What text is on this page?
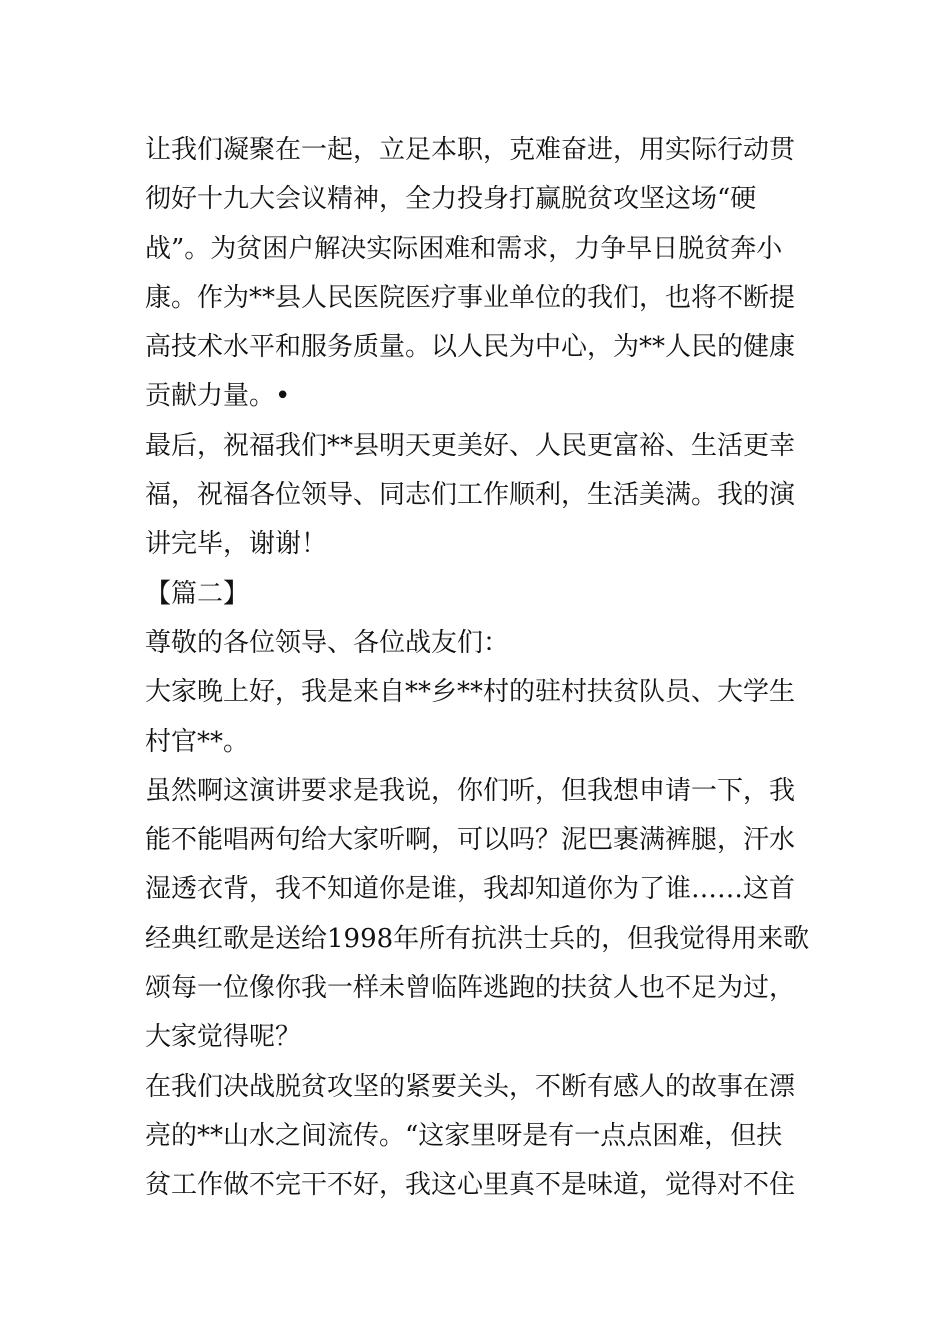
让我们凝聚在一起，立足本职，克难奋进，用实际行动贯
彻好十九大会议精神，全力投身打赢脱贫攻坚这场“硬
战”。为贫困户解决实际困难和需求，力争早日脱贫奔小
康。作为**县人民医院医疗事业单位的我们，也将不断提
高技术水平和服务质量。以人民为中心，为**人民的健康
贡献力量。•
最后，祝福我们**县明天更美好、人民更富裕、生活更幸
福，祝福各位领导、同志们工作顺利，生活美满。我的演
讲完毕，谢谢！
【篇二】
尊敬的各位领导、各位战友们：
大家晚上好，我是来自**乡**村的驻村扶贫队员、大学生
村官**。
虽然啊这演讲要求是我说，你们听，但我想申请一下，我
能不能唱两句给大家听啊，可以吗？泥巴裹满裤腿，汗水
湿透衣背，我不知道你是谁，我却知道你为了谁……这首
经典红歌是送给1998年所有抗洪士兵的，但我觉得用来歌
颂每一位像你我一样未曾临阵逃跑的扶贫人也不足为过，
大家觉得呢？
在我们决战脱贫攻坚的紧要关头，不断有感人的故事在漂
亮的**山水之间流传。“这家里呀是有一点点困难，但扶
贫工作做不完干不好，我这心里真不是味道，觉得对不住
